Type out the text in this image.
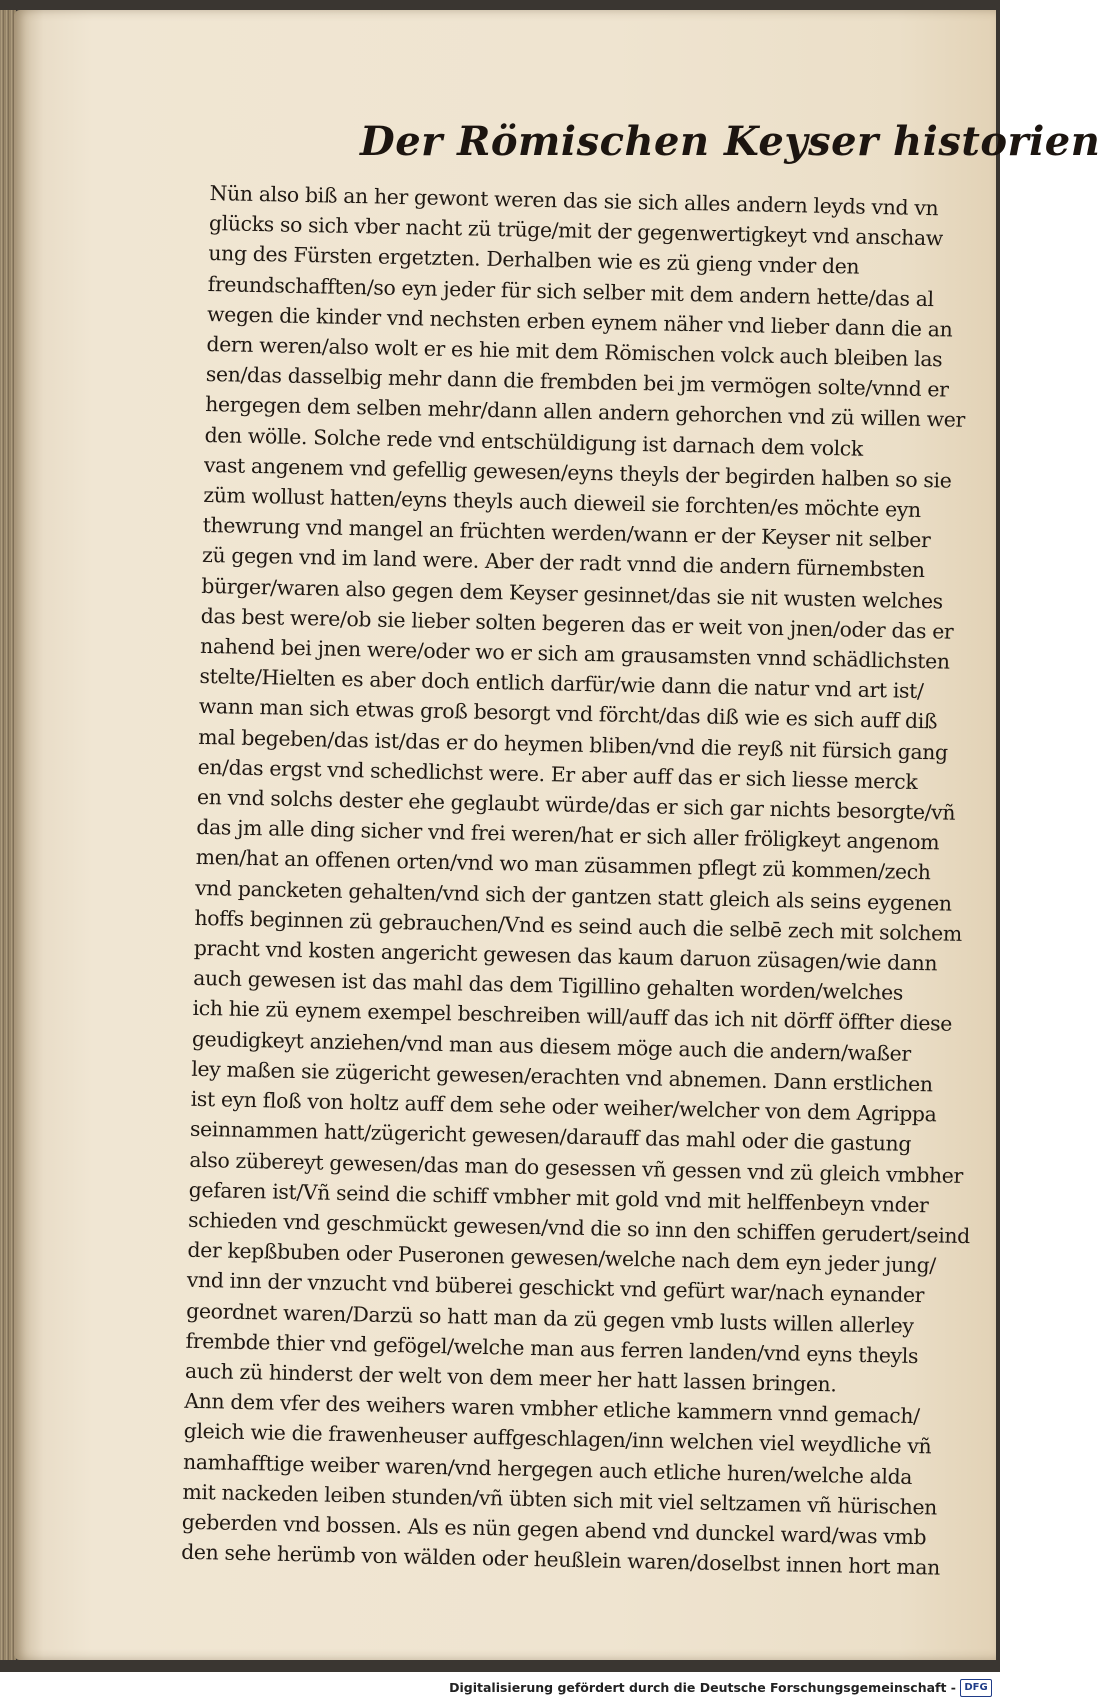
Der Römischen Keyser historien
Nün also biß an her gewont weren das sie sich alles andern leyds vnd vn
glücks so sich vber nacht zü trüge/mit der gegenwertigkeyt vnd anschaw
ung des Fürsten ergetzten. Derhalben wie es zü gieng vnder den
freundschafften/so eyn jeder für sich selber mit dem andern hette/das al
wegen die kinder vnd nechsten erben eynem näher vnd lieber dann die an
dern weren/also wolt er es hie mit dem Römischen volck auch bleiben las
sen/das dasselbig mehr dann die frembden bei jm vermögen solte/vnnd er
hergegen dem selben mehr/dann allen andern gehorchen vnd zü willen wer
den wölle. Solche rede vnd entschüldigung ist darnach dem volck
vast angenem vnd gefellig gewesen/eyns theyls der begirden halben so sie
züm wollust hatten/eyns theyls auch dieweil sie forchten/es möchte eyn
thewrung vnd mangel an früchten werden/wann er der Keyser nit selber
zü gegen vnd im land were. Aber der radt vnnd die andern fürnembsten
bürger/waren also gegen dem Keyser gesinnet/das sie nit wusten welches
das best were/ob sie lieber solten begeren das er weit von jnen/oder das er
nahend bei jnen were/oder wo er sich am grausamsten vnnd schädlichsten
stelte/Hielten es aber doch entlich darfür/wie dann die natur vnd art ist/
wann man sich etwas groß besorgt vnd förcht/das diß wie es sich auff diß
mal begeben/das ist/das er do heymen bliben/vnd die reyß nit fürsich gang
en/das ergst vnd schedlichst were. Er aber auff das er sich liesse merck
en vnd solchs dester ehe geglaubt würde/das er sich gar nichts besorgte/vñ
das jm alle ding sicher vnd frei weren/hat er sich aller fröligkeyt angenom
men/hat an offenen orten/vnd wo man züsammen pflegt zü kommen/zech
vnd pancketen gehalten/vnd sich der gantzen statt gleich als seins eygenen
hoffs beginnen zü gebrauchen/Vnd es seind auch die selbē zech mit solchem
pracht vnd kosten angericht gewesen das kaum daruon züsagen/wie dann
auch gewesen ist das mahl das dem Tigillino gehalten worden/welches
ich hie zü eynem exempel beschreiben will/auff das ich nit dörff öffter diese
geudigkeyt anziehen/vnd man aus diesem möge auch die andern/waßer
ley maßen sie zügericht gewesen/erachten vnd abnemen. Dann erstlichen
ist eyn floß von holtz auff dem sehe oder weiher/welcher von dem Agrippa
seinnammen hatt/zügericht gewesen/darauff das mahl oder die gastung
also zübereyt gewesen/das man do gesessen vñ gessen vnd zü gleich vmbher
gefaren ist/Vñ seind die schiff vmbher mit gold vnd mit helffenbeyn vnder
schieden vnd geschmückt gewesen/vnd die so inn den schiffen gerudert/seind
der kepßbuben oder Puseronen gewesen/welche nach dem eyn jeder jung/
vnd inn der vnzucht vnd büberei geschickt vnd gefürt war/nach eynander
geordnet waren/Darzü so hatt man da zü gegen vmb lusts willen allerley
frembde thier vnd gefögel/welche man aus ferren landen/vnd eyns theyls
auch zü hinderst der welt von dem meer her hatt lassen bringen.
Ann dem vfer des weihers waren vmbher etliche kammern vnnd gemach/
gleich wie die frawenheuser auffgeschlagen/inn welchen viel weydliche vñ
namhafftige weiber waren/vnd hergegen auch etliche huren/welche alda
mit nackeden leiben stunden/vñ übten sich mit viel seltzamen vñ hürischen
geberden vnd bossen. Als es nün gegen abend vnd dunckel ward/was vmb
den sehe herümb von wälden oder heußlein waren/doselbst innen hort man
Digitalisierung gefördert durch die Deutsche Forschungsgemeinschaft - DFG
